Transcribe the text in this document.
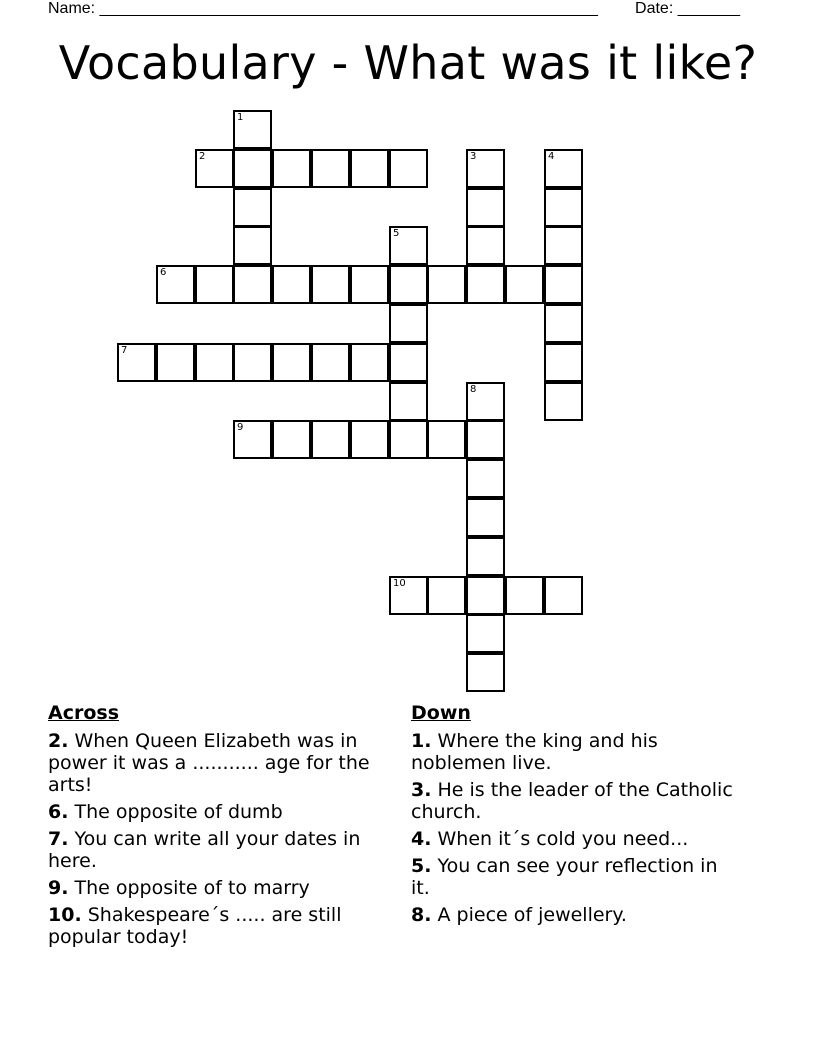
Name: ________________________________________________________ Date: _______
Vocabulary - What was it like?
1
2	3	4
5
6
7
8
9
10
Across
2. When Queen Elizabeth was in power it was a ........... age for the arts!
6. The opposite of dumb
7. You can write all your dates in here.
9. The opposite of to marry
10. Shakespeare´s ..... are still popular today!
Down
1. Where the king and his noblemen live.
3. He is the leader of the Catholic church.
4. When it´s cold you need...
5. You can see your reflection in it.
8. A piece of jewellery.
